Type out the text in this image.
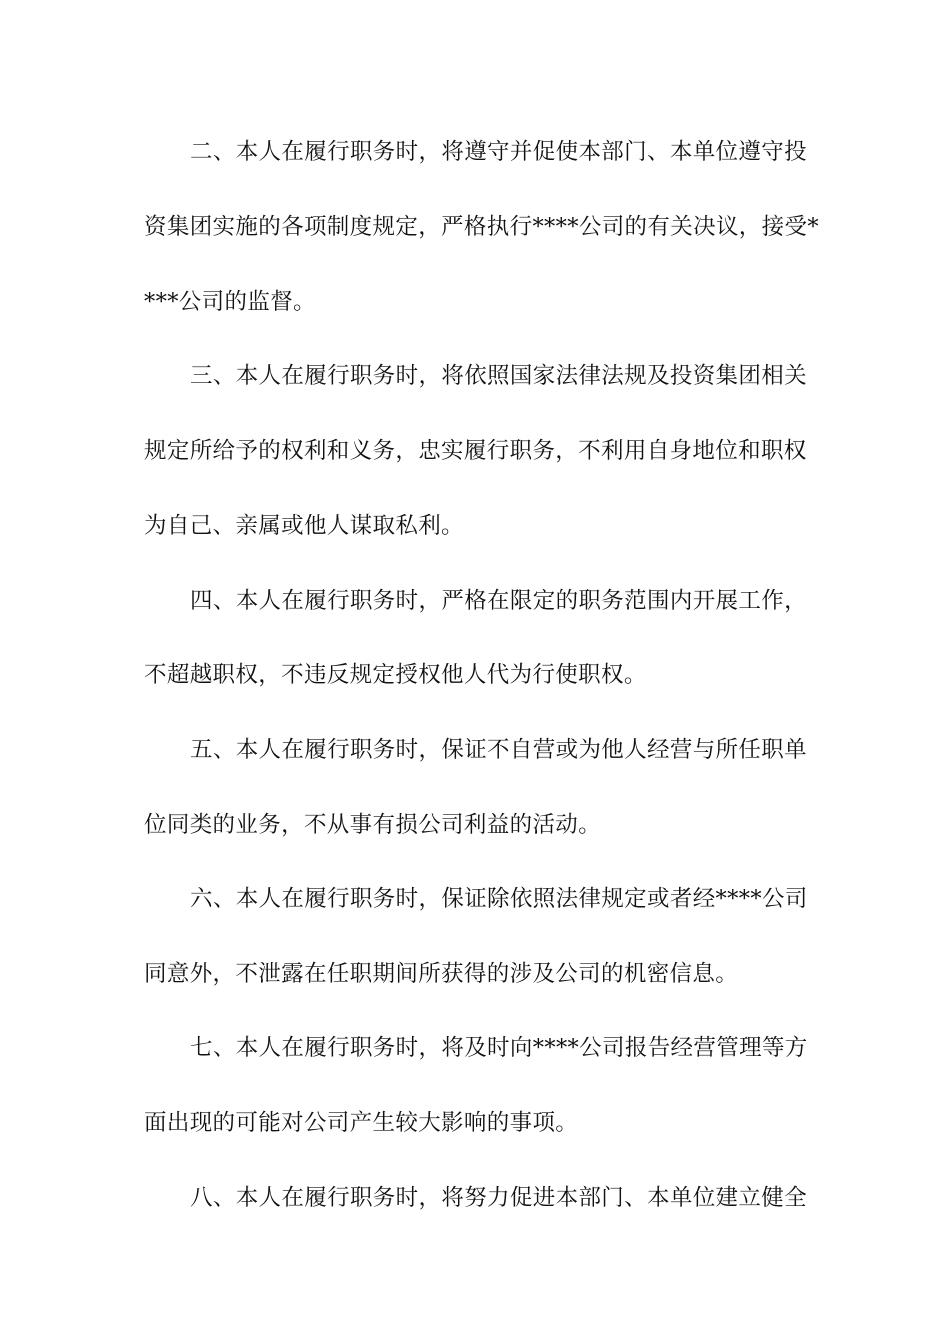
二、本人在履行职务时，将遵守并促使本部门、本单位遵守投
资集团实施的各项制度规定，严格执行****公司的有关决议，接受*
***公司的监督。
三、本人在履行职务时，将依照国家法律法规及投资集团相关
规定所给予的权利和义务，忠实履行职务，不利用自身地位和职权
为自己、亲属或他人谋取私利。
四、本人在履行职务时，严格在限定的职务范围内开展工作，
不超越职权，不违反规定授权他人代为行使职权。
五、本人在履行职务时，保证不自营或为他人经营与所任职单
位同类的业务，不从事有损公司利益的活动。
六、本人在履行职务时，保证除依照法律规定或者经****公司
同意外，不泄露在任职期间所获得的涉及公司的机密信息。
七、本人在履行职务时，将及时向****公司报告经营管理等方
面出现的可能对公司产生较大影响的事项。
八、本人在履行职务时，将努力促进本部门、本单位建立健全
